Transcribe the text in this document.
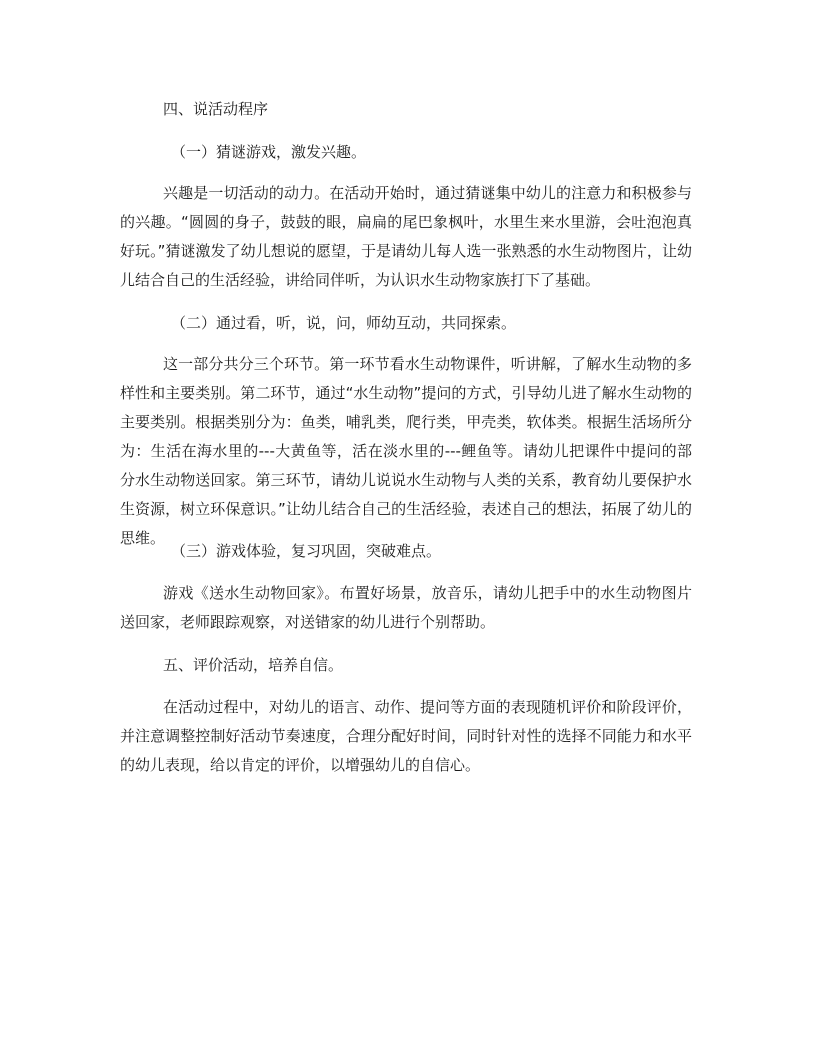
四、说活动程序

（一）猜谜游戏，激发兴趣。

兴趣是一切活动的动力。在活动开始时，通过猜谜集中幼儿的注意力和积极参与的兴趣。“圆圆的身子，鼓鼓的眼，扁扁的尾巴象枫叶，水里生来水里游，会吐泡泡真好玩。”猜谜激发了幼儿想说的愿望，于是请幼儿每人选一张熟悉的水生动物图片，让幼儿结合自己的生活经验，讲给同伴听，为认识水生动物家族打下了基础。

（二）通过看，听，说，问，师幼互动，共同探索。

这一部分共分三个环节。第一环节看水生动物课件，听讲解，了解水生动物的多样性和主要类别。第二环节，通过“水生动物”提问的方式，引导幼儿进了解水生动物的主要类别。根据类别分为：鱼类，哺乳类，爬行类，甲壳类，软体类。根据生活场所分为：生活在海水里的---大黄鱼等，活在淡水里的---鲤鱼等。请幼儿把课件中提问的部分水生动物送回家。第三环节，请幼儿说说水生动物与人类的关系，教育幼儿要保护水生资源，树立环保意识。”让幼儿结合自己的生活经验，表述自己的想法，拓展了幼儿的思维。

（三）游戏体验，复习巩固，突破难点。

游戏《送水生动物回家》。布置好场景，放音乐，请幼儿把手中的水生动物图片送回家，老师跟踪观察，对送错家的幼儿进行个别帮助。

五、评价活动，培养自信。

在活动过程中，对幼儿的语言、动作、提问等方面的表现随机评价和阶段评价，并注意调整控制好活动节奏速度，合理分配好时间，同时针对性的选择不同能力和水平的幼儿表现，给以肯定的评价，以增强幼儿的自信心。
